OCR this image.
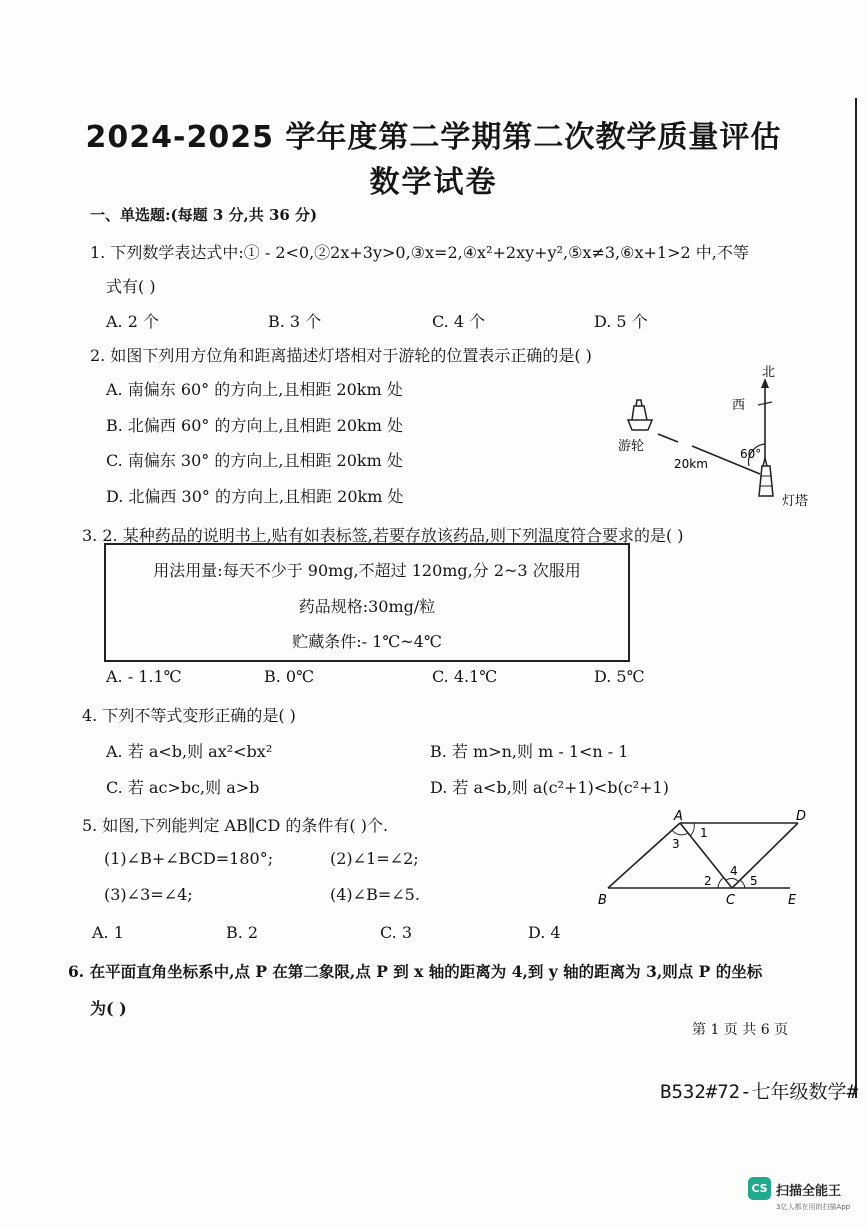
2024-2025 学年度第二学期第二次教学质量评估
数学试卷
一、单选题:(每题 3 分,共 36 分)
1. 下列数学表达式中:① - 2<0,②2x+3y>0,③x=2,④x²+2xy+y²,⑤x≠3,⑥x+1>2 中,不等
式有( )
A. 2 个	B. 3 个	C. 4 个	D. 5 个
2. 如图下列用方位角和距离描述灯塔相对于游轮的位置表示正确的是( )
A. 南偏东 60° 的方向上,且相距 20km 处
B. 北偏西 60° 的方向上,且相距 20km 处
C. 南偏东 30° 的方向上,且相距 20km 处
D. 北偏西 30° 的方向上,且相距 20km 处
北
西
游轮
20km
60°
灯塔
3. 2. 某种药品的说明书上,贴有如表标签,若要存放该药品,则下列温度符合要求的是( )
用法用量:每天不少于 90mg,不超过 120mg,分 2~3 次服用
药品规格:30mg/粒
贮藏条件:- 1℃~4℃
A. - 1.1℃	B. 0℃	C. 4.1℃	D. 5℃
4. 下列不等式变形正确的是( )
A. 若 a<b,则 ax²<bx²	B. 若 m>n,则 m - 1<n - 1
C. 若 ac>bc,则 a>b	D. 若 a<b,则 a(c²+1)<b(c²+1)
5. 如图,下列能判定 AB∥CD 的条件有( )个.
(1)∠B+∠BCD=180°;	(2)∠1=∠2;
(3)∠3=∠4;	(4)∠B=∠5.
A. 1	B. 2	C. 3	D. 4
A	D
B	C	E
1
2
3
4
5
6. 在平面直角坐标系中,点 P 在第二象限,点 P 到 x 轴的距离为 4,到 y 轴的距离为 3,则点 P 的坐标
为( )
第 1 页 共 6 页
B532#72-七年级数学#
CS 扫描全能王
3亿人都在用的扫描App
